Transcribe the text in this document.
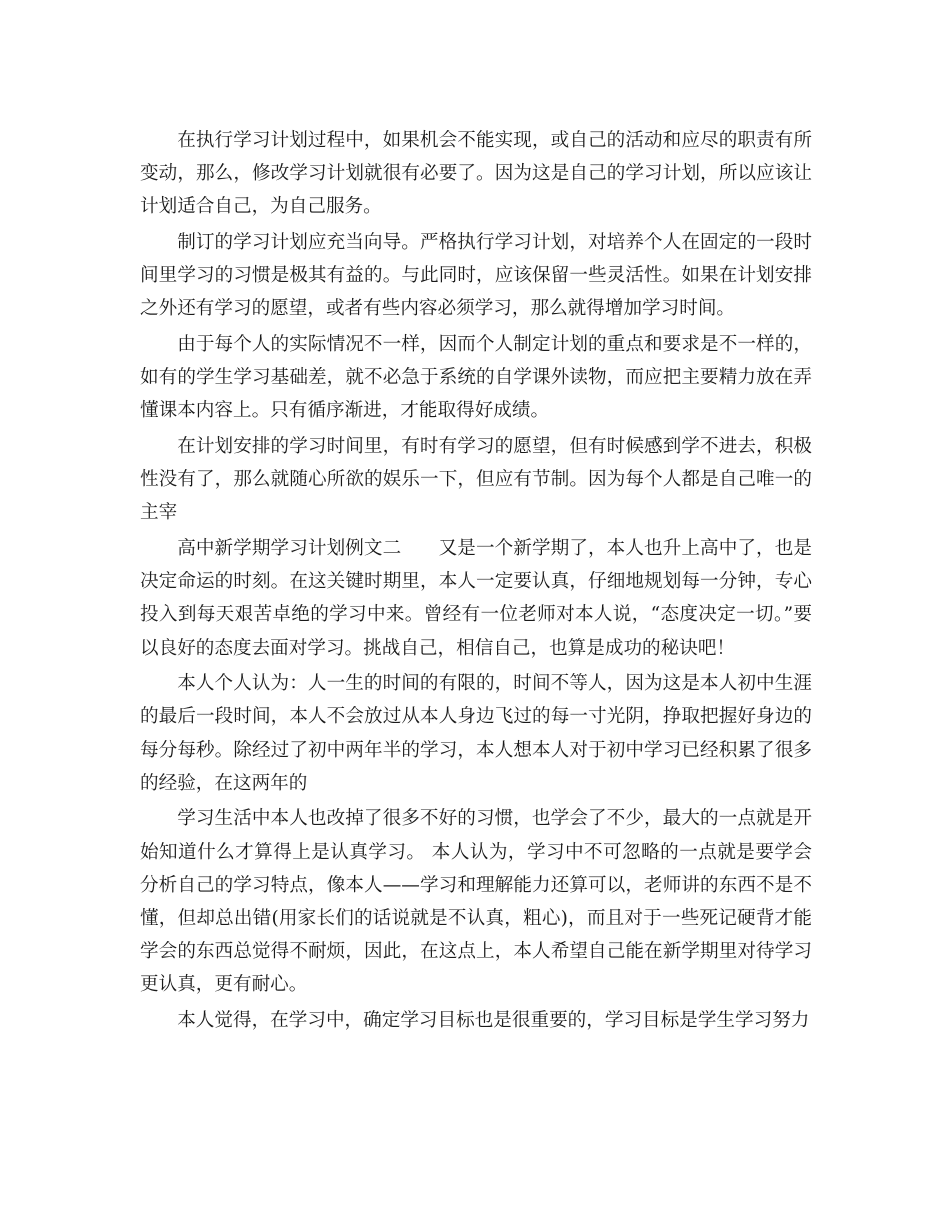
在执行学习计划过程中，如果机会不能实现，或自己的活动和应尽的职责有所变动，那么，修改学习计划就很有必要了。因为这是自己的学习计划，所以应该让计划适合自己，为自己服务。

制订的学习计划应充当向导。严格执行学习计划，对培养个人在固定的一段时间里学习的习惯是极其有益的。与此同时，应该保留一些灵活性。如果在计划安排之外还有学习的愿望，或者有些内容必须学习，那么就得增加学习时间。

由于每个人的实际情况不一样，因而个人制定计划的重点和要求是不一样的，如有的学生学习基础差，就不必急于系统的自学课外读物，而应把主要精力放在弄懂课本内容上。只有循序渐进，才能取得好成绩。

在计划安排的学习时间里，有时有学习的愿望，但有时候感到学不进去，积极性没有了，那么就随心所欲的娱乐一下，但应有节制。因为每个人都是自己唯一的主宰

高中新学期学习计划例文二　　又是一个新学期了，本人也升上高中了，也是决定命运的时刻。在这关键时期里，本人一定要认真，仔细地规划每一分钟，专心投入到每天艰苦卓绝的学习中来。曾经有一位老师对本人说，“态度决定一切。”要以良好的态度去面对学习。挑战自己，相信自己，也算是成功的秘诀吧！

本人个人认为：人一生的时间的有限的，时间不等人，因为这是本人初中生涯的最后一段时间，本人不会放过从本人身边飞过的每一寸光阴，挣取把握好身边的每分每秒。除经过了初中两年半的学习，本人想本人对于初中学习已经积累了很多的经验，在这两年的

学习生活中本人也改掉了很多不好的习惯，也学会了不少，最大的一点就是开始知道什么才算得上是认真学习。 本人认为，学习中不可忽略的一点就是要学会分析自己的学习特点，像本人——学习和理解能力还算可以，老师讲的东西不是不懂，但却总出错(用家长们的话说就是不认真，粗心)，而且对于一些死记硬背才能学会的东西总觉得不耐烦，因此，在这点上，本人希望自己能在新学期里对待学习更认真，更有耐心。

本人觉得，在学习中，确定学习目标也是很重要的，学习目标是学生学习努力
